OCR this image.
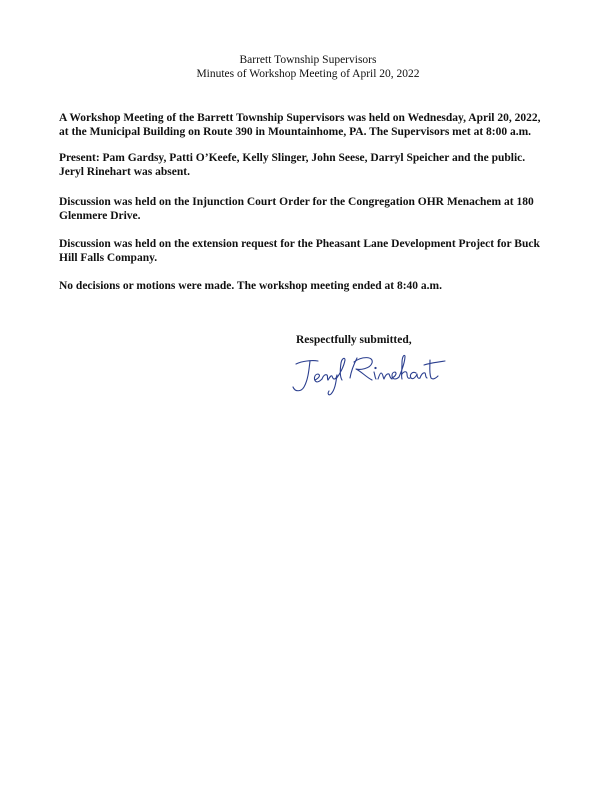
Barrett Township Supervisors
Minutes of Workshop Meeting of April 20, 2022
A Workshop Meeting of the Barrett Township Supervisors was held on Wednesday, April 20, 2022,
at the Municipal Building on Route 390 in Mountainhome, PA. The Supervisors met at 8:00 a.m.
Present: Pam Gardsy, Patti O’Keefe, Kelly Slinger, John Seese, Darryl Speicher and the public.
Jeryl Rinehart was absent.
Discussion was held on the Injunction Court Order for the Congregation OHR Menachem at 180
Glenmere Drive.
Discussion was held on the extension request for the Pheasant Lane Development Project for Buck
Hill Falls Company.
No decisions or motions were made. The workshop meeting ended at 8:40 a.m.
Respectfully submitted,
